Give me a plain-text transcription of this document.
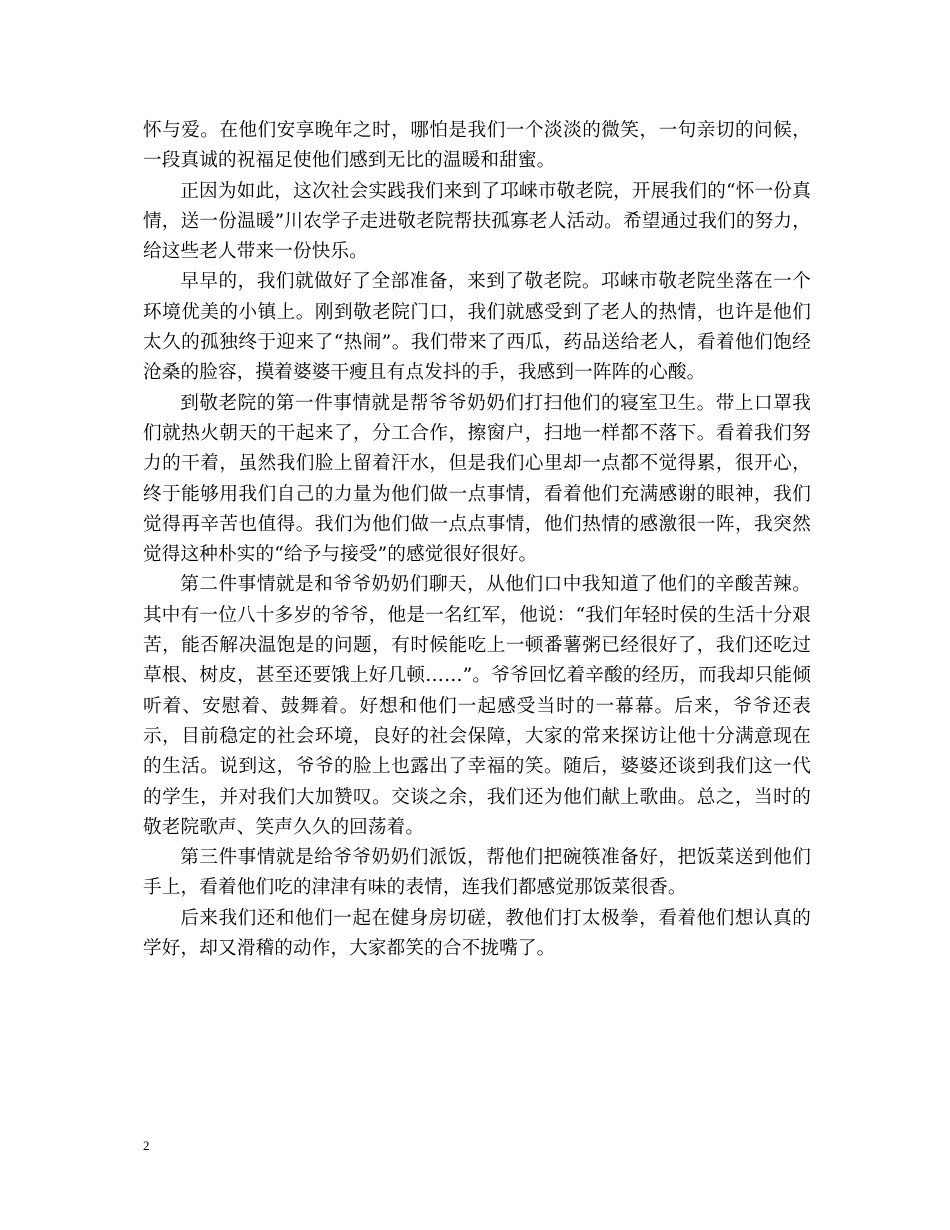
怀与爱。在他们安享晚年之时，哪怕是我们一个淡淡的微笑，一句亲切的问候，一段真诚的祝福足使他们感到无比的温暖和甜蜜。

正因为如此，这次社会实践我们来到了邛崃市敬老院，开展我们的“怀一份真情，送一份温暖”川农学子走进敬老院帮扶孤寡老人活动。希望通过我们的努力，给这些老人带来一份快乐。

早早的，我们就做好了全部准备，来到了敬老院。邛崃市敬老院坐落在一个环境优美的小镇上。刚到敬老院门口，我们就感受到了老人的热情，也许是他们太久的孤独终于迎来了“热闹”。我们带来了西瓜，药品送给老人，看着他们饱经沧桑的脸容，摸着婆婆干瘦且有点发抖的手，我感到一阵阵的心酸。

到敬老院的第一件事情就是帮爷爷奶奶们打扫他们的寝室卫生。带上口罩我们就热火朝天的干起来了，分工合作，擦窗户，扫地一样都不落下。看着我们努力的干着，虽然我们脸上留着汗水，但是我们心里却一点都不觉得累，很开心，终于能够用我们自己的力量为他们做一点事情，看着他们充满感谢的眼神，我们觉得再辛苦也值得。我们为他们做一点点事情，他们热情的感激很一阵，我突然觉得这种朴实的“给予与接受”的感觉很好很好。

第二件事情就是和爷爷奶奶们聊天，从他们口中我知道了他们的辛酸苦辣。其中有一位八十多岁的爷爷，他是一名红军，他说：“我们年轻时侯的生活十分艰苦，能否解决温饱是的问题，有时候能吃上一顿番薯粥已经很好了，我们还吃过草根、树皮，甚至还要饿上好几顿……”。爷爷回忆着辛酸的经历，而我却只能倾听着、安慰着、鼓舞着。好想和他们一起感受当时的一幕幕。后来，爷爷还表示，目前稳定的社会环境，良好的社会保障，大家的常来探访让他十分满意现在的生活。说到这，爷爷的脸上也露出了幸福的笑。随后，婆婆还谈到我们这一代的学生，并对我们大加赞叹。交谈之余，我们还为他们献上歌曲。总之，当时的敬老院歌声、笑声久久的回荡着。

第三件事情就是给爷爷奶奶们派饭，帮他们把碗筷准备好，把饭菜送到他们手上，看着他们吃的津津有味的表情，连我们都感觉那饭菜很香。

后来我们还和他们一起在健身房切磋，教他们打太极拳，看着他们想认真的学好，却又滑稽的动作，大家都笑的合不拢嘴了。

2
